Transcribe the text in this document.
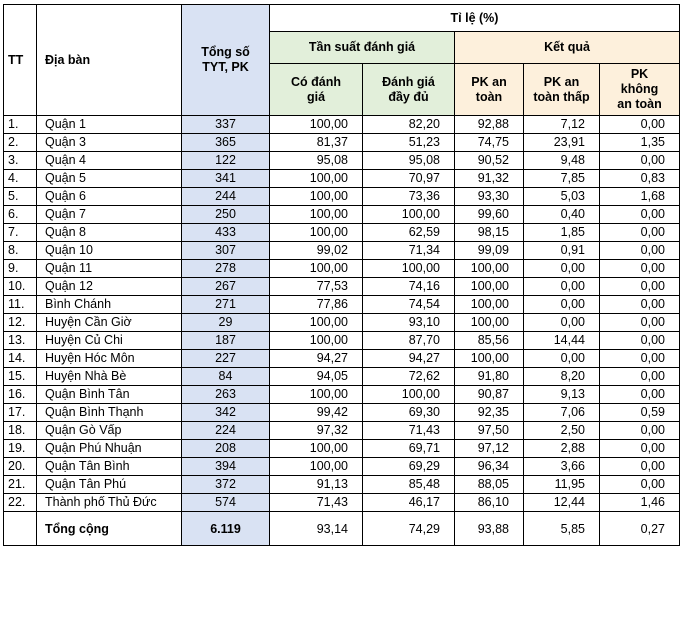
TT	Địa bàn	Tổng số TYT, PK	Tỉ lệ (%)				
			Tần suất đánh giá		Kết quả		
			Có đánh giá	Đánh giá đầy đủ	PK an toàn	PK an toàn thấp	PK không an toàn
1.	Quận 1	337	100,00	82,20	92,88	7,12	0,00
2.	Quận 3	365	81,37	51,23	74,75	23,91	1,35
3.	Quận 4	122	95,08	95,08	90,52	9,48	0,00
4.	Quận 5	341	100,00	70,97	91,32	7,85	0,83
5.	Quận 6	244	100,00	73,36	93,30	5,03	1,68
6.	Quận 7	250	100,00	100,00	99,60	0,40	0,00
7.	Quận 8	433	100,00	62,59	98,15	1,85	0,00
8.	Quận 10	307	99,02	71,34	99,09	0,91	0,00
9.	Quận 11	278	100,00	100,00	100,00	0,00	0,00
10.	Quận 12	267	77,53	74,16	100,00	0,00	0,00
11.	Bình Chánh	271	77,86	74,54	100,00	0,00	0,00
12.	Huyện Cần Giờ	29	100,00	93,10	100,00	0,00	0,00
13.	Huyện Củ Chi	187	100,00	87,70	85,56	14,44	0,00
14.	Huyện Hóc Môn	227	94,27	94,27	100,00	0,00	0,00
15.	Huyện Nhà Bè	84	94,05	72,62	91,80	8,20	0,00
16.	Quận Bình Tân	263	100,00	100,00	90,87	9,13	0,00
17.	Quận Bình Thạnh	342	99,42	69,30	92,35	7,06	0,59
18.	Quận Gò Vấp	224	97,32	71,43	97,50	2,50	0,00
19.	Quận Phú Nhuận	208	100,00	69,71	97,12	2,88	0,00
20.	Quận Tân Bình	394	100,00	69,29	96,34	3,66	0,00
21.	Quận Tân Phú	372	91,13	85,48	88,05	11,95	0,00
22.	Thành phố Thủ Đức	574	71,43	46,17	86,10	12,44	1,46
	Tổng cộng	6.119	93,14	74,29	93,88	5,85	0,27
